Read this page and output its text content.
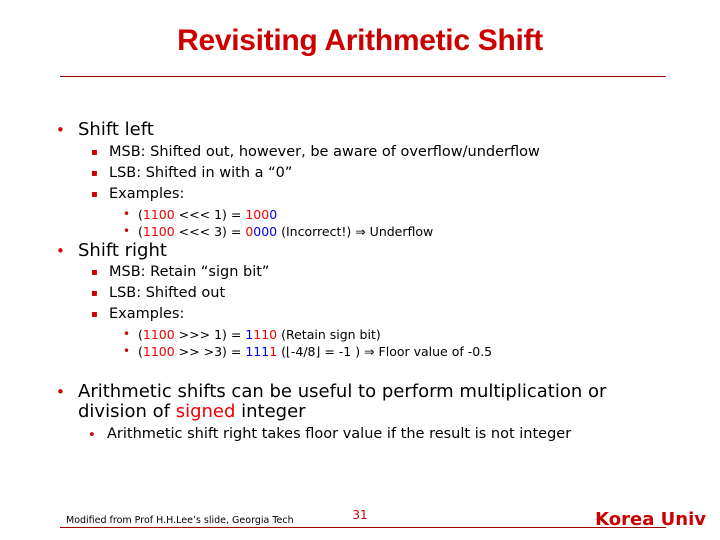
Revisiting Arithmetic Shift
• Shift left
▪ MSB: Shifted out, however, be aware of overflow/underflow
▪ LSB: Shifted in with a “0”
▪ Examples:
• (1100 <<< 1) = 1000
• (1100 <<< 3) = 0000 (Incorrect!) ⇒ Underflow
• Shift right
▪ MSB: Retain “sign bit”
▪ LSB: Shifted out
▪ Examples:
• (1100 >>> 1) = 1110 (Retain sign bit)
• (1100 >> >3) = 1111 (⌊-4/8⌋ = -1 ) ⇒ Floor value of -0.5
• Arithmetic shifts can be useful to perform multiplication or
division of signed integer
• Arithmetic shift right takes floor value if the result is not integer
Modified from Prof H.H.Lee’s slide, Georgia Tech	31	Korea Univ
